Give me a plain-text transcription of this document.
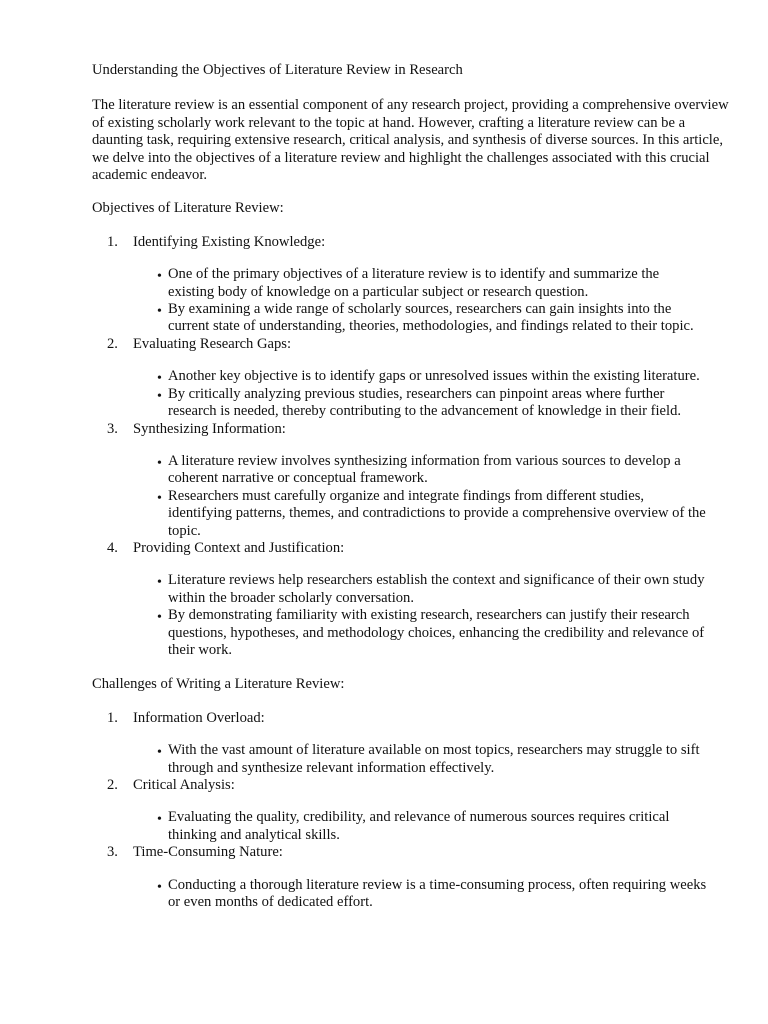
Understanding the Objectives of Literature Review in Research

The literature review is an essential component of any research project, providing a comprehensive overview of existing scholarly work relevant to the topic at hand. However, crafting a literature review can be a daunting task, requiring extensive research, critical analysis, and synthesis of diverse sources. In this article, we delve into the objectives of a literature review and highlight the challenges associated with this crucial academic endeavor.

Objectives of Literature Review:

1.	Identifying Existing Knowledge:
• One of the primary objectives of a literature review is to identify and summarize the existing body of knowledge on a particular subject or research question.
• By examining a wide range of scholarly sources, researchers can gain insights into the current state of understanding, theories, methodologies, and findings related to their topic.
2.	Evaluating Research Gaps:
• Another key objective is to identify gaps or unresolved issues within the existing literature.
• By critically analyzing previous studies, researchers can pinpoint areas where further research is needed, thereby contributing to the advancement of knowledge in their field.
3.	Synthesizing Information:
• A literature review involves synthesizing information from various sources to develop a coherent narrative or conceptual framework.
• Researchers must carefully organize and integrate findings from different studies, identifying patterns, themes, and contradictions to provide a comprehensive overview of the topic.
4.	Providing Context and Justification:
• Literature reviews help researchers establish the context and significance of their own study within the broader scholarly conversation.
• By demonstrating familiarity with existing research, researchers can justify their research questions, hypotheses, and methodology choices, enhancing the credibility and relevance of their work.

Challenges of Writing a Literature Review:

1.	Information Overload:
• With the vast amount of literature available on most topics, researchers may struggle to sift through and synthesize relevant information effectively.
2.	Critical Analysis:
• Evaluating the quality, credibility, and relevance of numerous sources requires critical thinking and analytical skills.
3.	Time-Consuming Nature:
• Conducting a thorough literature review is a time-consuming process, often requiring weeks or even months of dedicated effort.
